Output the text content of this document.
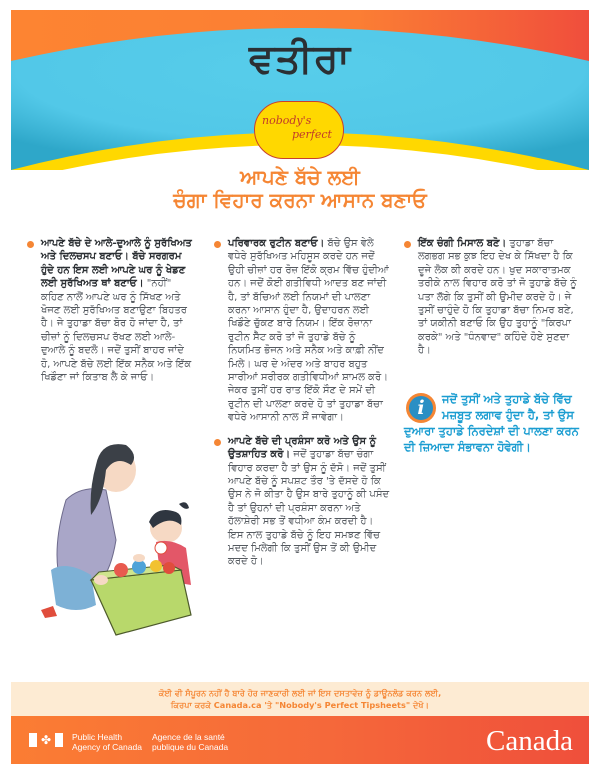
ਵਤੀਰਾ
nobody's
perfect
ਆਪਣੇ ਬੱਚੇ ਲਈ
ਚੰਗਾ ਵਿਹਾਰ ਕਰਨਾ ਆਸਾਨ ਬਣਾਓ
ਆਪਣੇ ਬੱਚੇ ਦੇ ਆਲੇ-ਦੁਆਲੇ ਨੂੰ ਸੁਰੱਖਿਅਤ ਅਤੇ ਦਿਲਚਸਪ ਬਣਾਓ। ਬੱਚੇ ਸਰਗਰਮ ਹੁੰਦੇ ਹਨ ਇਸ ਲਈ ਆਪਣੇ ਘਰ ਨੂੰ ਖੇਡਣ ਲਈ ਸੁਰੱਖਿਅਤ ਥਾਂ ਬਣਾਓ। "ਨਹੀਂ" ਕਹਿਣ ਨਾਲੋਂ ਆਪਣੇ ਘਰ ਨੂੰ ਸਿੱਖਣ ਅਤੇ ਖੋਜਣ ਲਈ ਸੁਰੱਖਿਅਤ ਬਣਾਉਣਾ ਬਿਹਤਰ ਹੈ। ਜੇ ਤੁਹਾਡਾ ਬੱਚਾ ਬੋਰ ਹੋ ਜਾਂਦਾ ਹੈ, ਤਾਂ ਚੀਜ਼ਾਂ ਨੂੰ ਦਿਲਚਸਪ ਰੱਖਣ ਲਈ ਆਲੇ-ਦੁਆਲੇ ਨੂੰ ਬਦਲੋ। ਜਦੋਂ ਤੁਸੀਂ ਬਾਹਰ ਜਾਂਦੇ ਹੋ, ਆਪਣੇ ਬੱਚੇ ਲਈ ਇੱਕ ਸਨੈਕ ਅਤੇ ਇੱਕ ਖਿਡੌਣਾ ਜਾਂ ਕਿਤਾਬ ਲੈ ਕੇ ਜਾਓ।
ਪਰਿਵਾਰਕ ਰੁਟੀਨ ਬਣਾਓ। ਬੱਚੇ ਉਸ ਵੇਲੇ ਵਧੇਰੇ ਸੁਰੱਖਿਅਤ ਮਹਿਸੂਸ ਕਰਦੇ ਹਨ ਜਦੋਂ ਉਹੀ ਚੀਜ਼ਾਂ ਹਰ ਰੋਜ਼ ਇੱਕੋ ਕ੍ਰਮ ਵਿੱਚ ਹੁੰਦੀਆਂ ਹਨ। ਜਦੋਂ ਕੋਈ ਗਤੀਵਿਧੀ ਆਦਤ ਬਣ ਜਾਂਦੀ ਹੈ, ਤਾਂ ਬੱਚਿਆਂ ਲਈ ਨਿਯਮਾਂ ਦੀ ਪਾਲਣਾ ਕਰਨਾ ਆਸਾਨ ਹੁੰਦਾ ਹੈ, ਉਦਾਹਰਨ ਲਈ ਖਿਡੌਣੇ ਚੁੱਕਣ ਬਾਰੇ ਨਿਯਮ। ਇੱਕ ਰੋਜ਼ਾਨਾ ਰੁਟੀਨ ਸੈੱਟ ਕਰੋ ਤਾਂ ਜੋ ਤੁਹਾਡੇ ਬੱਚੇ ਨੂੰ ਨਿਯਮਿਤ ਭੋਜਨ ਅਤੇ ਸਨੈਕ ਅਤੇ ਕਾਫ਼ੀ ਨੀਂਦ ਮਿਲੇ। ਘਰ ਦੇ ਅੰਦਰ ਅਤੇ ਬਾਹਰ ਬਹੁਤ ਸਾਰੀਆਂ ਸਰੀਰਕ ਗਤੀਵਿਧੀਆਂ ਸ਼ਾਮਲ ਕਰੋ। ਜੇਕਰ ਤੁਸੀਂ ਹਰ ਰਾਤ ਇੱਕੋ ਸੌਣ ਦੇ ਸਮੇਂ ਦੀ ਰੁਟੀਨ ਦੀ ਪਾਲਣਾ ਕਰਦੇ ਹੋ ਤਾਂ ਤੁਹਾਡਾ ਬੱਚਾ ਵਧੇਰੇ ਆਸਾਨੀ ਨਾਲ ਸੌਂ ਜਾਵੇਗਾ।
ਆਪਣੇ ਬੱਚੇ ਦੀ ਪ੍ਰਸ਼ੰਸਾ ਕਰੋ ਅਤੇ ਉਸ ਨੂੰ ਉਤਸ਼ਾਹਿਤ ਕਰੋ। ਜਦੋਂ ਤੁਹਾਡਾ ਬੱਚਾ ਚੰਗਾ ਵਿਹਾਰ ਕਰਦਾ ਹੈ ਤਾਂ ਉਸ ਨੂੰ ਦੱਸੋ। ਜਦੋਂ ਤੁਸੀਂ ਆਪਣੇ ਬੱਚੇ ਨੂੰ ਸਪਸ਼ਟ ਤੌਰ 'ਤੇ ਦੱਸਦੇ ਹੋ ਕਿ ਉਸ ਨੇ ਜੋ ਕੀਤਾ ਹੈ ਉਸ ਬਾਰੇ ਤੁਹਾਨੂੰ ਕੀ ਪਸੰਦ ਹੈ ਤਾਂ ਉਹਨਾਂ ਦੀ ਪ੍ਰਸ਼ੰਸਾ ਕਰਨਾ ਅਤੇ ਹੱਲਾਸ਼ੇਰੀ ਸਭ ਤੋਂ ਵਧੀਆ ਕੰਮ ਕਰਦੀ ਹੈ। ਇਸ ਨਾਲ ਤੁਹਾਡੇ ਬੱਚੇ ਨੂੰ ਇਹ ਸਮਝਣ ਵਿੱਚ ਮਦਦ ਮਿਲੇਗੀ ਕਿ ਤੁਸੀਂ ਉਸ ਤੋਂ ਕੀ ਉਮੀਦ ਕਰਦੇ ਹੋ।
ਇੱਕ ਚੰਗੀ ਮਿਸਾਲ ਬਣੋ। ਤੁਹਾਡਾ ਬੱਚਾ ਲਗਭਗ ਸਭ ਕੁਝ ਇਹ ਦੇਖ ਕੇ ਸਿੱਖਦਾ ਹੈ ਕਿ ਦੂਜੇ ਲੋਕ ਕੀ ਕਰਦੇ ਹਨ। ਖੁਦ ਸਕਾਰਾਤਮਕ ਤਰੀਕੇ ਨਾਲ ਵਿਹਾਰ ਕਰੋ ਤਾਂ ਜੋ ਤੁਹਾਡੇ ਬੱਚੇ ਨੂੰ ਪਤਾ ਲੱਗੇ ਕਿ ਤੁਸੀਂ ਕੀ ਉਮੀਦ ਕਰਦੇ ਹੋ। ਜੇ ਤੁਸੀਂ ਚਾਹੁੰਦੇ ਹੋ ਕਿ ਤੁਹਾਡਾ ਬੱਚਾ ਨਿਮਰ ਬਣੇ, ਤਾਂ ਯਕੀਨੀ ਬਣਾਓ ਕਿ ਉਹ ਤੁਹਾਨੂੰ "ਕਿਰਪਾ ਕਰਕੇ" ਅਤੇ "ਧੰਨਵਾਦ" ਕਹਿੰਦੇ ਹੋਏ ਸੁਣਦਾ ਹੈ।
i	ਜਦੋਂ ਤੁਸੀਂ ਅਤੇ ਤੁਹਾਡੇ ਬੱਚੇ ਵਿੱਚ ਮਜ਼ਬੂਤ ਲਗਾਵ ਹੁੰਦਾ ਹੈ, ਤਾਂ ਉਸ ਦੁਆਰਾ ਤੁਹਾਡੇ ਨਿਰਦੇਸ਼ਾਂ ਦੀ ਪਾਲਣਾ ਕਰਨ ਦੀ ਜ਼ਿਆਦਾ ਸੰਭਾਵਨਾ ਹੋਵੇਗੀ।
ਕੋਈ ਵੀ ਸੰਪੂਰਨ ਨਹੀਂ ਹੈ ਬਾਰੇ ਹੋਰ ਜਾਣਕਾਰੀ ਲਈ ਜਾਂ ਇਸ ਦਸਤਾਵੇਜ਼ ਨੂੰ ਡਾਊਨਲੋਡ ਕਰਨ ਲਈ,
ਕਿਰਪਾ ਕਰਕੇ Canada.ca 'ਤੇ "Nobody's Perfect Tipsheets" ਦੇਖੋ।
✤ Public Health
Agency of Canada
Agence de la santé
publique du Canada	Canada
